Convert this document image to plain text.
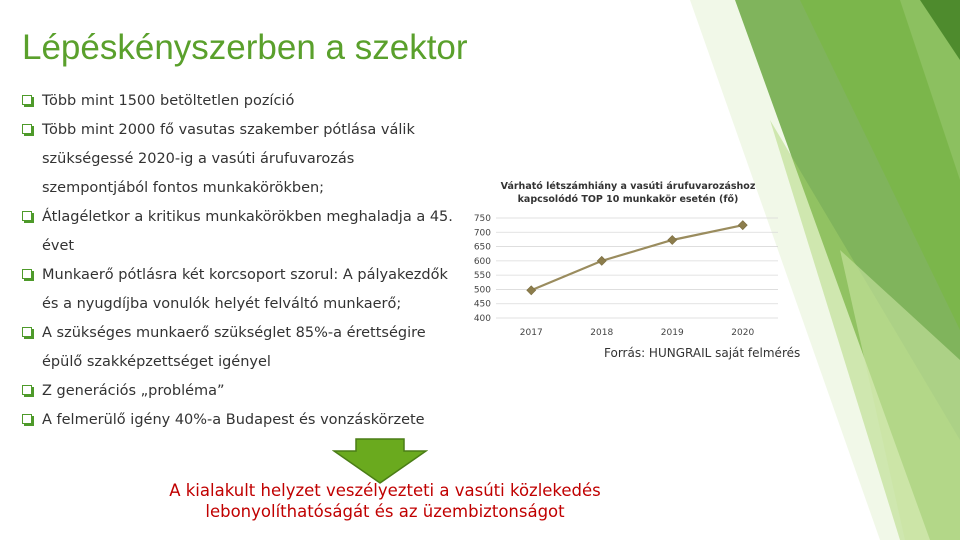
Lépéskényszerben a szektor
Több mint 1500 betöltetlen pozíció
Több mint 2000 fő vasutas szakember pótlása válik szükségessé 2020-ig a vasúti árufuvarozás szempontjából fontos munkakörökben;
Átlagéletkor a kritikus munkakörökben meghaladja a 45. évet
Munkaerő pótlásra két korcsoport szorul: A pályakezdők és a nyugdíjba vonulók helyét felváltó munkaerő;
A szükséges munkaerő szükséglet 85%-a érettségire épülő szakképzettséget igényel
Z generációs „probléma”
A felmerülő igény 40%-a Budapest és vonzáskörzete
Várható létszámhiány a vasúti árufuvarozáshoz
kapcsolódó TOP 10 munkakör esetén (fő)
750
700
650
600
550
500
450
400
2017	2018	2019	2020
Forrás: HUNGRAIL saját felmérés
A kialakult helyzet veszélyezteti a vasúti közlekedés
lebonyolíthatóságát és az üzembiztonságot
